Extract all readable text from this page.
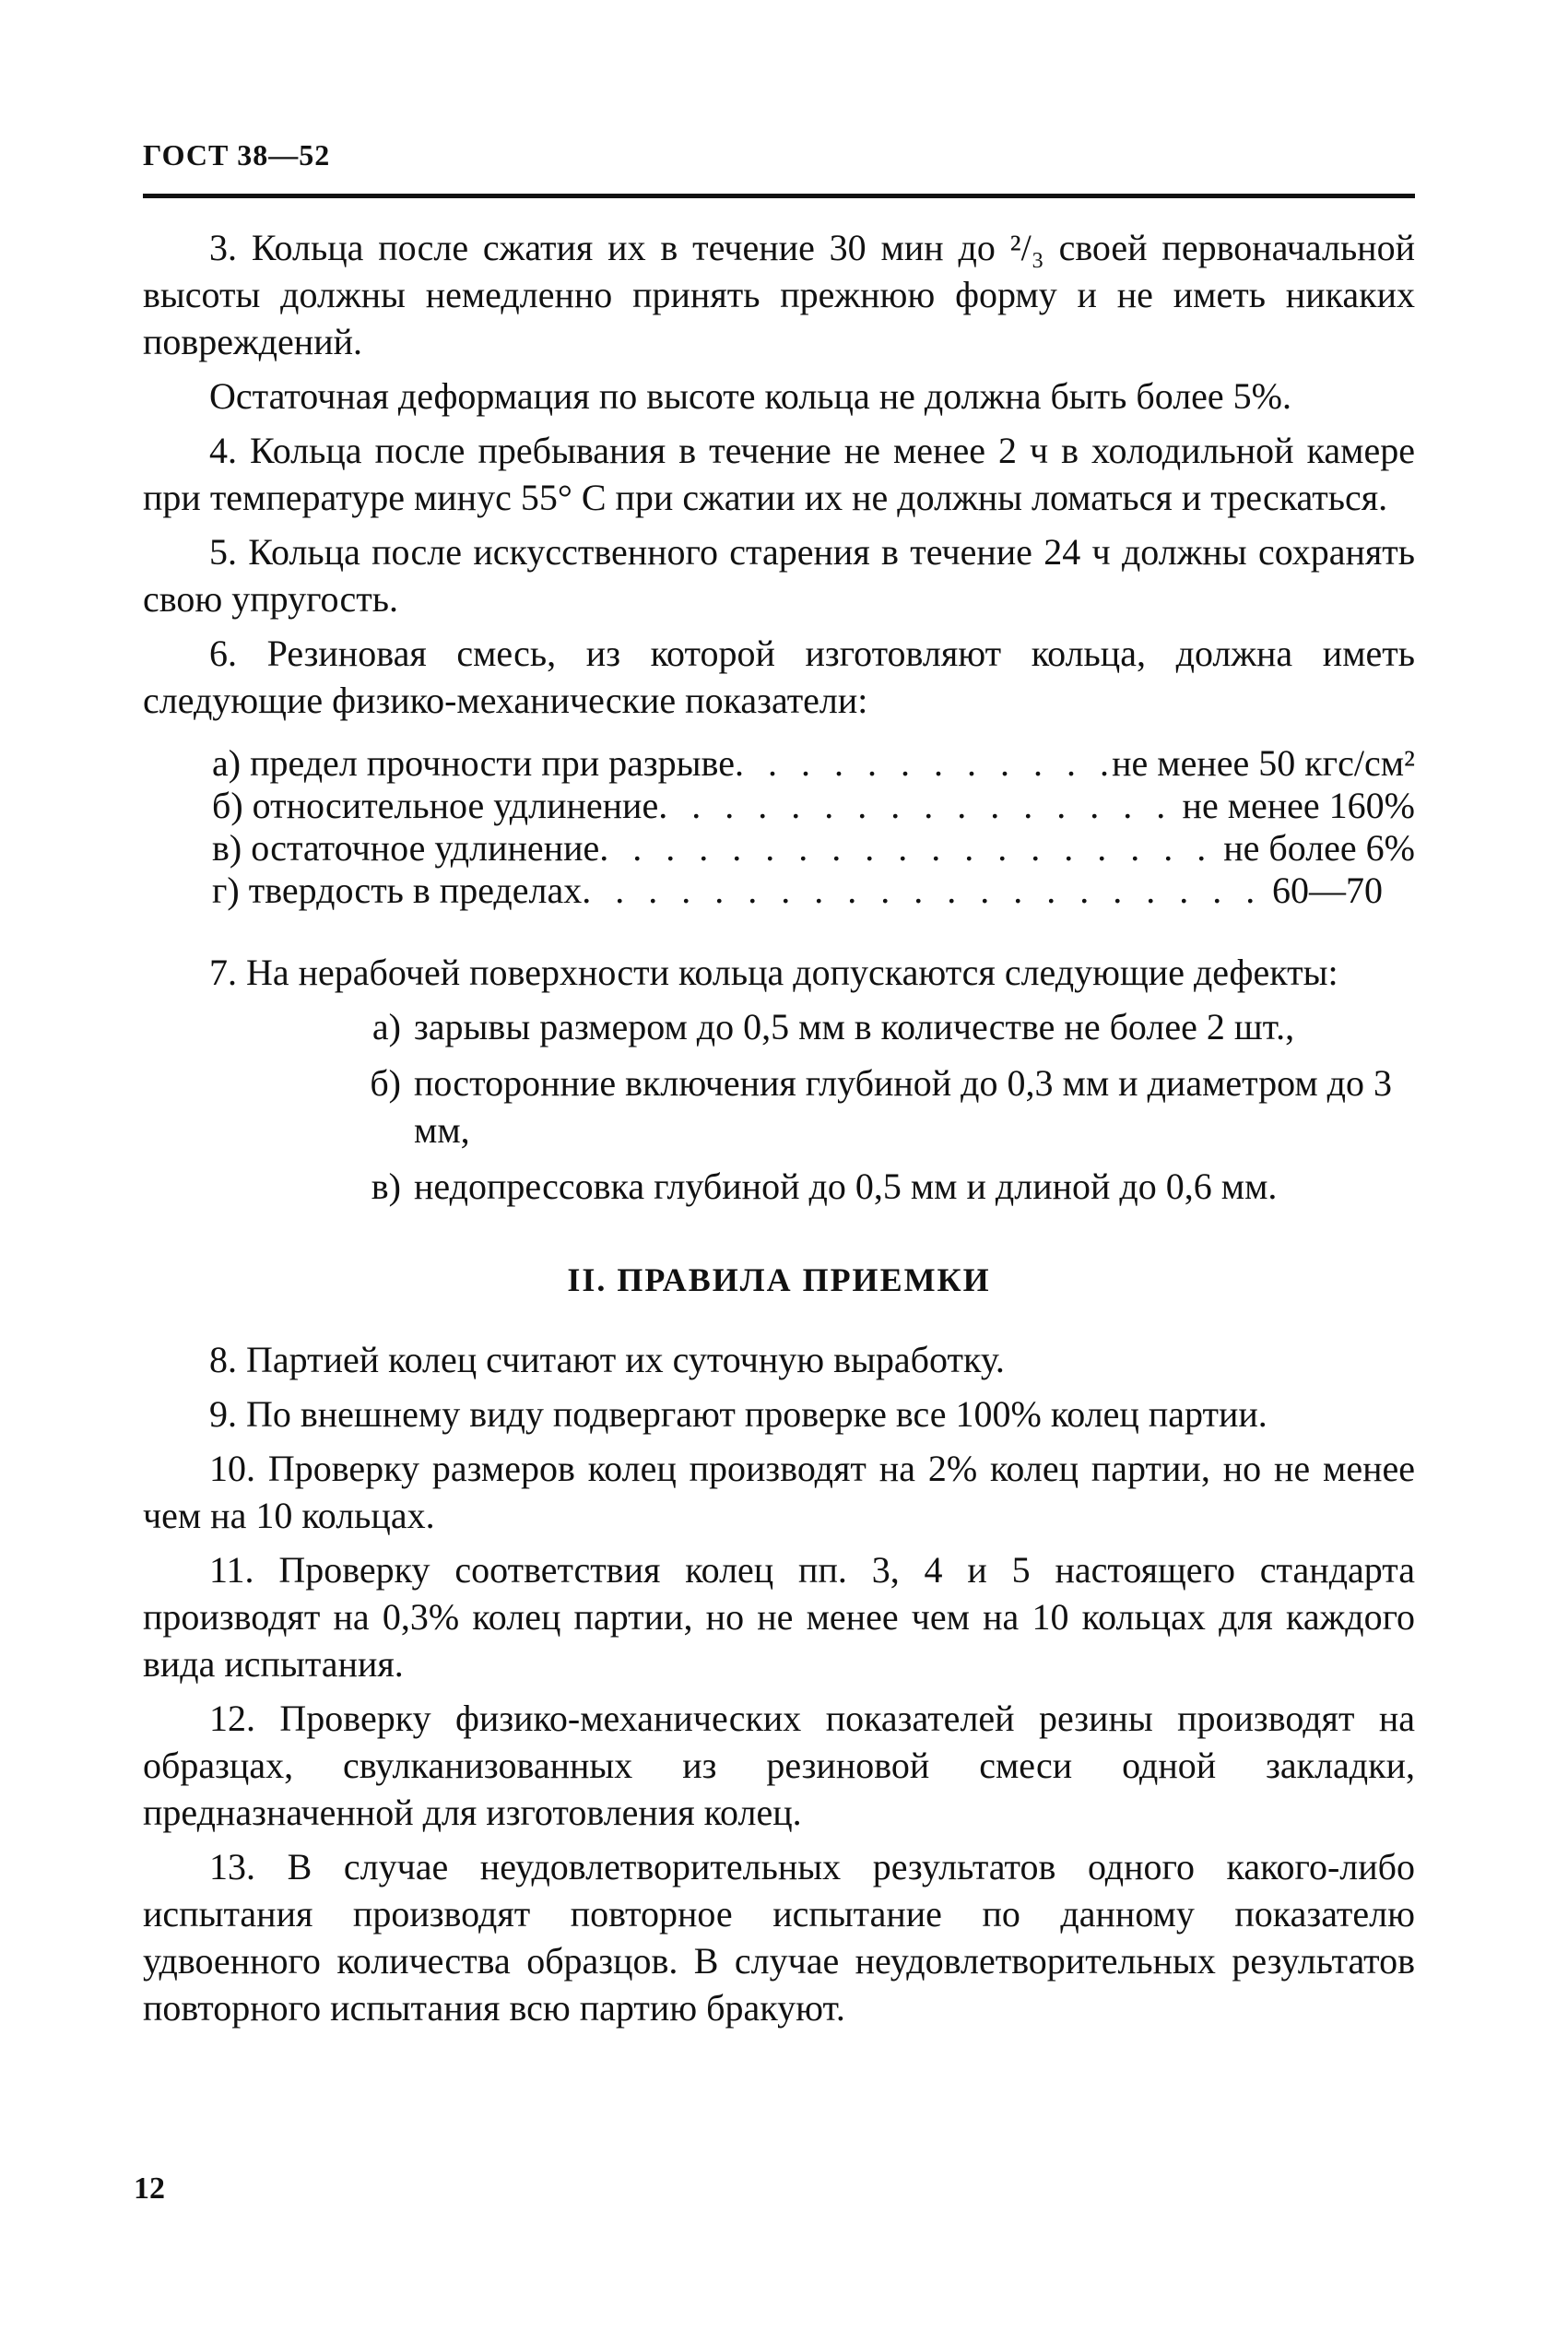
ГОСТ 38—52

3. Кольца после сжатия их в течение 30 мин до ²/₃ своей первоначальной высоты должны немедленно принять прежнюю форму и не иметь никаких повреждений.

Остаточная деформация по высоте кольца не должна быть более 5%.

4. Кольца после пребывания в течение не менее 2 ч в холодильной камере при температуре минус 55° С при сжатии их не должны ломаться и трескаться.

5. Кольца после искусственного старения в течение 24 ч должны сохранять свою упругость.

6. Резиновая смесь, из которой изготовляют кольца, должна иметь следующие физико-механические показатели:

а) предел прочности при разрыве . . .	не менее 50 кгс/см²
б) относительное удлинение . . .	не менее 160%
в) остаточное удлинение . . .	не более 6%
г) твердость в пределах . . .	60—70

7. На нерабочей поверхности кольца допускаются следующие дефекты:

а) зарывы размером до 0,5 мм в количестве не более 2 шт.,
б) посторонние включения глубиной до 0,3 мм и диаметром до 3 мм,
в) недопрессовка глубиной до 0,5 мм и длиной до 0,6 мм.
II. ПРАВИЛА ПРИЕМКИ

8. Партией колец считают их суточную выработку.

9. По внешнему виду подвергают проверке все 100% колец партии.

10. Проверку размеров колец производят на 2% колец партии, но не менее чем на 10 кольцах.

11. Проверку соответствия колец пп. 3, 4 и 5 настоящего стандарта производят на 0,3% колец партии, но не менее чем на 10 кольцах для каждого вида испытания.

12. Проверку физико-механических показателей резины производят на образцах, свулканизованных из резиновой смеси одной закладки, предназначенной для изготовления колец.

13. В случае неудовлетворительных результатов одного какого-либо испытания производят повторное испытание по данному показателю удвоенного количества образцов. В случае неудовлетворительных результатов повторного испытания всю партию бракуют.

12
